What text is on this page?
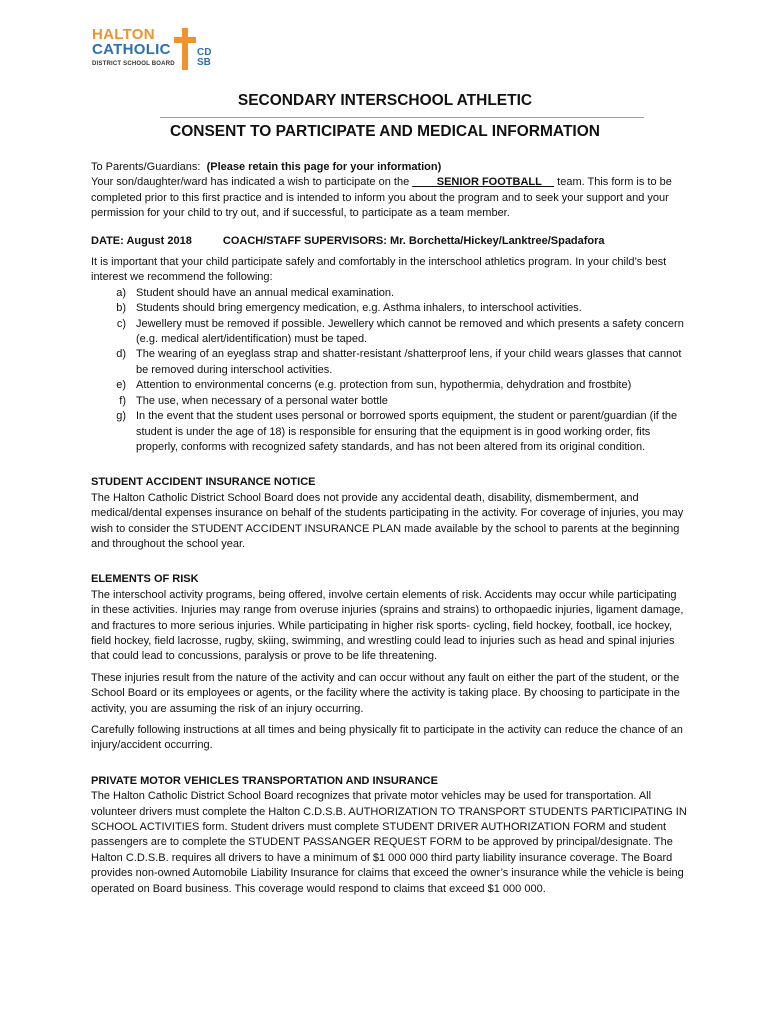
HALTON
CATHOLIC
DISTRICT SCHOOL BOARD
CD
SB
SECONDARY INTERSCHOOL ATHLETIC
CONSENT TO PARTICIPATE AND MEDICAL INFORMATION

To Parents/Guardians: (Please retain this page for your information)
Your son/daughter/ward has indicated a wish to participate on the ____SENIOR FOOTBALL__ team. This form is to be completed prior to this first practice and is intended to inform you about the program and to seek your support and your permission for your child to try out, and if successful, to participate as a team member.

DATE: August 2018	COACH/STAFF SUPERVISORS: Mr. Borchetta/Hickey/Lanktree/Spadafora

It is important that your child participate safely and comfortably in the interschool athletics program. In your child’s best interest we recommend the following:

a) Student should have an annual medical examination.
b) Students should bring emergency medication, e.g. Asthma inhalers, to interschool activities.
c) Jewellery must be removed if possible. Jewellery which cannot be removed and which presents a safety concern (e.g. medical alert/identification) must be taped.
d) The wearing of an eyeglass strap and shatter-resistant /shatterproof lens, if your child wears glasses that cannot be removed during interschool activities.
e) Attention to environmental concerns (e.g. protection from sun, hypothermia, dehydration and frostbite)
f) The use, when necessary of a personal water bottle
g) In the event that the student uses personal or borrowed sports equipment, the student or parent/guardian (if the student is under the age of 18) is responsible for ensuring that the equipment is in good working order, fits properly, conforms with recognized safety standards, and has not been altered from its original condition.

STUDENT ACCIDENT INSURANCE NOTICE

The Halton Catholic District School Board does not provide any accidental death, disability, dismemberment, and medical/dental expenses insurance on behalf of the students participating in the activity. For coverage of injuries, you may wish to consider the STUDENT ACCIDENT INSURANCE PLAN made available by the school to parents at the beginning and throughout the school year.

ELEMENTS OF RISK

The interschool activity programs, being offered, involve certain elements of risk. Accidents may occur while participating in these activities. Injuries may range from overuse injuries (sprains and strains) to orthopaedic injuries, ligament damage, and fractures to more serious injuries. While participating in higher risk sports- cycling, field hockey, football, ice hockey, field hockey, field lacrosse, rugby, skiing, swimming, and wrestling could lead to injuries such as head and spinal injuries that could lead to concussions, paralysis or prove to be life threatening.

These injuries result from the nature of the activity and can occur without any fault on either the part of the student, or the School Board or its employees or agents, or the facility where the activity is taking place. By choosing to participate in the activity, you are assuming the risk of an injury occurring.

Carefully following instructions at all times and being physically fit to participate in the activity can reduce the chance of an injury/accident occurring.

PRIVATE MOTOR VEHICLES TRANSPORTATION AND INSURANCE

The Halton Catholic District School Board recognizes that private motor vehicles may be used for transportation. All volunteer drivers must complete the Halton C.D.S.B. AUTHORIZATION TO TRANSPORT STUDENTS PARTICIPATING IN SCHOOL ACTIVITIES form. Student drivers must complete STUDENT DRIVER AUTHORIZATION FORM and student passengers are to complete the STUDENT PASSANGER REQUEST FORM to be approved by principal/designate. The Halton C.D.S.B. requires all drivers to have a minimum of $1 000 000 third party liability insurance coverage. The Board provides non-owned Automobile Liability Insurance for claims that exceed the owner’s insurance while the vehicle is being operated on Board business. This coverage would respond to claims that exceed $1 000 000.
